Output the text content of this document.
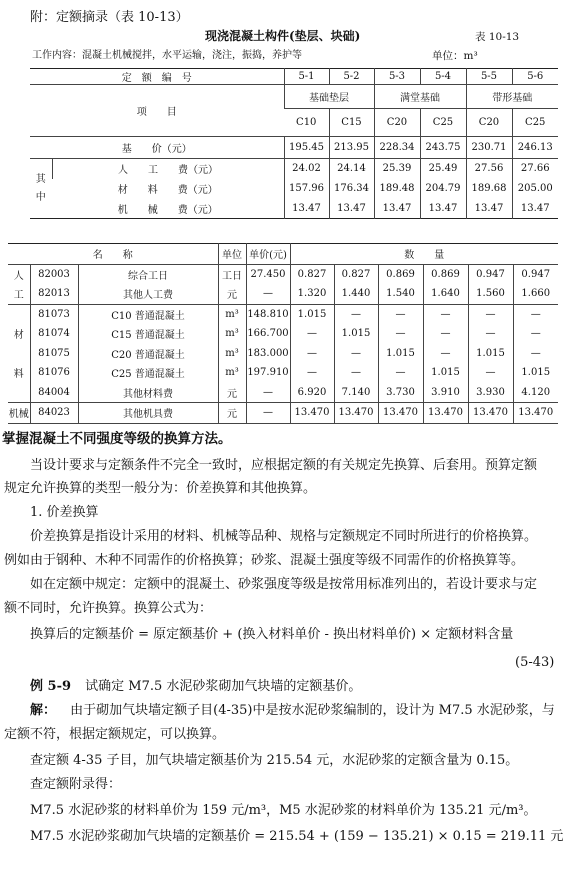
附：定额摘录（表 10-13）
现浇混凝土构件(垫层、块础)	表 10-13
工作内容：混凝土机械搅拌，水平运输，浇注，振捣，养护等	单位：m³
定　额　编　号		5-1	5-2	5-3	5-4	5-5	5-6
项　　目		基础垫层		满堂基础		带形基础	
		C10	C15	C20	C25	C20	C25
基　　价（元）		195.45	213.95	228.34	243.75	230.71	246.13
其
中	人　　工　　费（元）	24.02	24.14	25.39	25.49	27.56	27.66
	材　　料　　费（元）	157.96	176.34	189.48	204.79	189.68	205.00
	机　　械　　费（元）	13.47	13.47	13.47	13.47	13.47	13.47
名　　称			单位	单价(元)	数　　量					
人	82003	综合工日	工日	27.450	0.827	0.827	0.869	0.869	0.947	0.947
工	82013	其他人工费	元	—	1.320	1.440	1.540	1.640	1.560	1.660
	81073	C10 普通混凝土	m³	148.810	1.015	—	—	—	—	—
材	81074	C15 普通混凝土	m³	166.700	—	1.015	—	—	—	—
	81075	C20 普通混凝土	m³	183.000	—	—	1.015	—	1.015	—
料	81076	C25 普通混凝土	m³	197.910	—	—	—	1.015	—	1.015
	84004	其他材料费	元	—	6.920	7.140	3.730	3.910	3.930	4.120
机械	84023	其他机具费	元	—	13.470	13.470	13.470	13.470	13.470	13.470
掌握混凝土不同强度等级的换算方法。
当设计要求与定额条件不完全一致时，应根据定额的有关规定先换算、后套用。预算定额
规定允许换算的类型一般分为：价差换算和其他换算。
1. 价差换算
价差换算是指设计采用的材料、机械等品种、规格与定额规定不同时所进行的价格换算。
例如由于钢种、木种不同需作的价格换算；砂浆、混凝土强度等级不同需作的价格换算等。
如在定额中规定：定额中的混凝土、砂浆强度等级是按常用标准列出的，若设计要求与定
额不同时，允许换算。换算公式为：
换算后的定额基价 = 原定额基价 + (换入材料单价 - 换出材料单价) × 定额材料含量
(5-43)
例 5-9 试确定 M7.5 水泥砂浆砌加气块墙的定额基价。
解： 由于砌加气块墙定额子目(4-35)中是按水泥砂浆编制的，设计为 M7.5 水泥砂浆，与
定额不符，根据定额规定，可以换算。
查定额 4-35 子目，加气块墙定额基价为 215.54 元，水泥砂浆的定额含量为 0.15。
查定额附录得：
M7.5 水泥砂浆的材料单价为 159 元/m³，M5 水泥砂浆的材料单价为 135.21 元/m³。
M7.5 水泥砂浆砌加气块墙的定额基价 = 215.54 + (159 − 135.21) × 0.15 = 219.11 元
